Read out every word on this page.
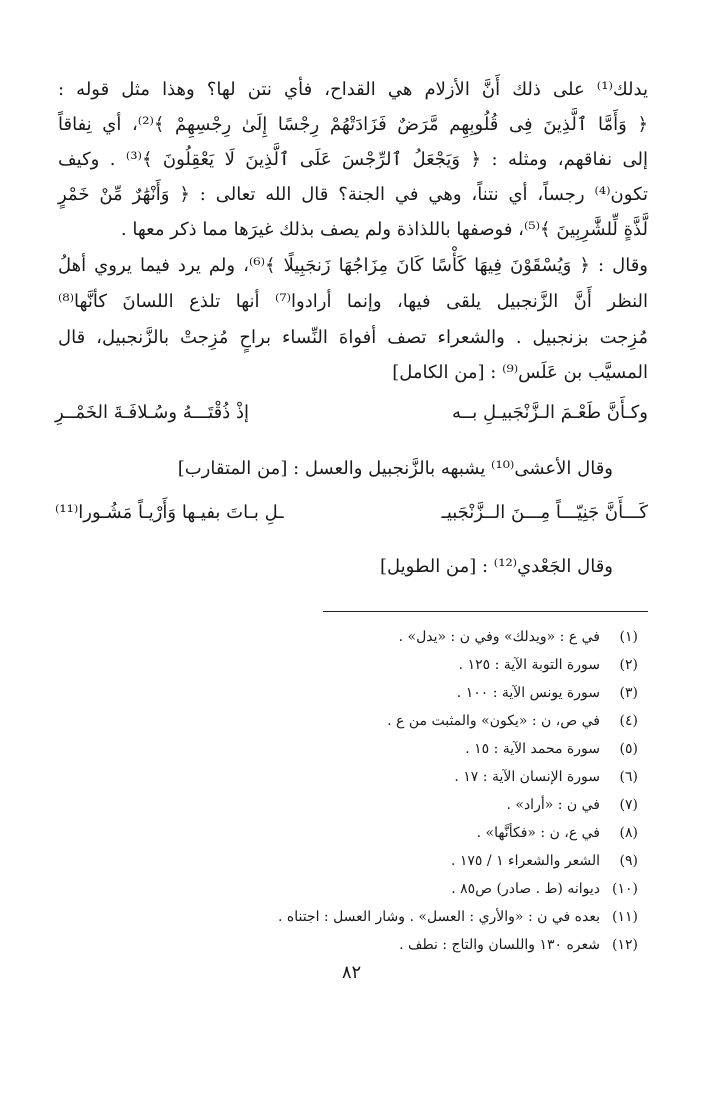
يدلك⁽¹⁾ على ذلك أَنَّ الأزلام هي القداح، فأي نتن لها؟ وهذا مثل قوله :
﴿ وَأَمَّا ٱلَّذِينَ فِى قُلُوبِهِم مَّرَضٌ فَزَادَتْهُمْ رِجْسًا إِلَىٰ رِجْسِهِمْ ﴾⁽²⁾، أي نِفاقاً
إلى نفاقهم، ومثله : ﴿ وَيَجْعَلُ ٱلرِّجْسَ عَلَى ٱلَّذِينَ لَا يَعْقِلُونَ ﴾⁽³⁾ . وكيف
تكون⁽⁴⁾ رجساً، أي نتناً، وهي في الجنة؟ قال الله تعالى : ﴿ وَأَنْهَٰرٌ مِّنْ خَمْرٍ
لَّذَّةٍ لِّلشَّٰرِبِينَ ﴾⁽⁵⁾، فوصفها باللذاذة ولم يصف بذلك غيرَها مما ذكر معها .
وقال : ﴿ وَيُسْقَوْنَ فِيهَا كَأْسًا كَانَ مِزَاجُهَا زَنجَبِيلًا ﴾⁽⁶⁾، ولم يرد فيما يروي أهلُ
النظر أَنَّ الزَّنجبيل يلقى فيها، وإنما أرادوا⁽⁷⁾ أنها تلذع اللسانَ كأنَّها⁽⁸⁾
مُزِجت بزنجبيل . والشعراء تصف أفواهَ النِّساء براحٍ مُزِجتْ بالزَّنجبيل، قال
المسيَّب بن عَلَس⁽⁹⁾ : [من الكامل]
وكـأَنَّ طَعْـمَ الـزَّنْجَبيـلِ بــه
إذْ ذُقْتَـــهُ وسُـلافَـةَ الخَمْــرِ
وقال الأعشى⁽¹⁰⁾ يشبهه بالزَّنجبيل والعسل : [من المتقارب]
كَـــأَنَّ جَنِيّـــاً مِـــنَ الــزَّنْجَبيـ
ـلِ بـاتَ بفيـها وَأَرْيـاً مَشُـورا⁽¹¹⁾
وقال الجَعْدي⁽¹²⁾ : [من الطويل]
(١)في ع : «ويدلك» وفي ن : «يدل» .
(٢)سورة التوبة الآية : ١٢٥ .
(٣)سورة يونس الآية : ١٠٠ .
(٤)في ص، ن : «يكون» والمثبت من ع .
(٥)سورة محمد الآية : ١٥ .
(٦)سورة الإنسان الآية : ١٧ .
(٧)في ن : «أراد» .
(٨)في ع، ن : «فكأنَّها» .
(٩)الشعر والشعراء ١ / ١٧٥ .
(١٠)ديوانه (ط . صادر) ص٨٥ .
(١١)بعده في ن : «والأري : العسل» . وشار العسل : اجتناه .
(١٢)شعره ١٣٠ واللسان والتاج : نطف .
٨٢
